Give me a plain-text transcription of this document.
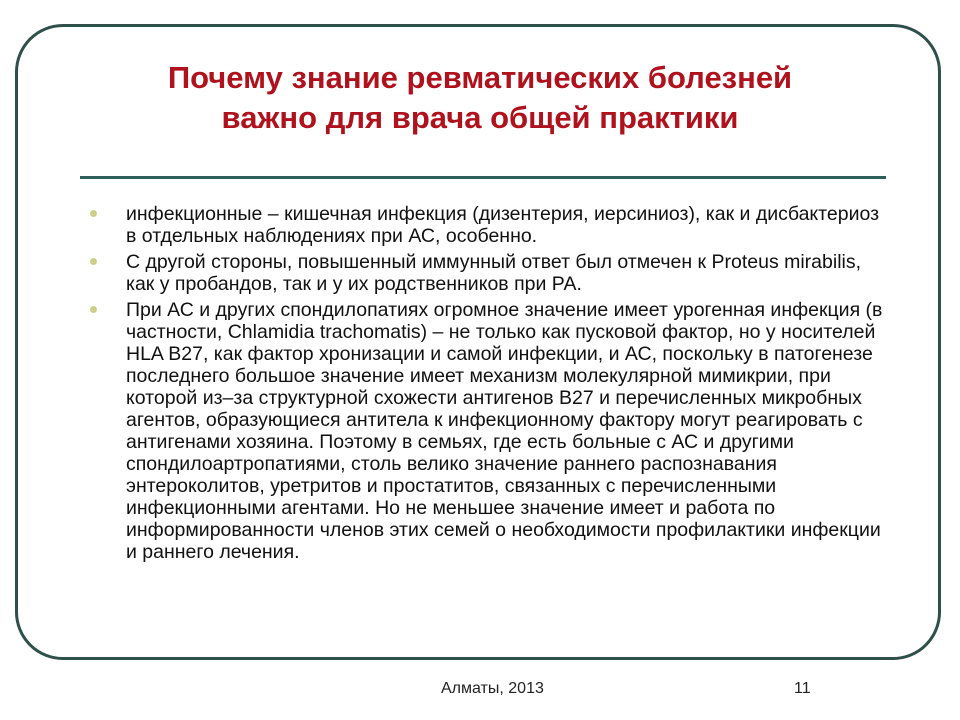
Почему знание ревматических болезней
важно для врача общей практики
инфекционные – кишечная инфекция (дизентерия, иерсиниоз), как и дисбактериоз в отдельных наблюдениях при АС, особенно.
С другой стороны, повышенный иммунный ответ был отмечен к Proteus mirabilis, как у пробандов, так и у их родственников при РА.
При АС и других спондилопатиях огромное значение имеет урогенная инфекция (в частности, Chlamidia trachomatis) – не только как пусковой фактор, но у носителей HLA B27, как фактор хронизации и самой инфекции, и АС, поскольку в патогенезе последнего большое значение имеет механизм молекулярной мимикрии, при которой из–за структурной схожести антигенов В27 и перечисленных микробных агентов, образующиеся антитела к инфекционному фактору могут реагировать с антигенами хозяина. Поэтому в семьях, где есть больные с АС и другими спондилоартропатиями, столь велико значение раннего распознавания энтероколитов, уретритов и простатитов, связанных с перечисленными инфекционными агентами. Но не меньшее значение имеет и работа по информированности членов этих семей о необходимости профилактики инфекции и раннего лечения.
Алматы, 2013	11
